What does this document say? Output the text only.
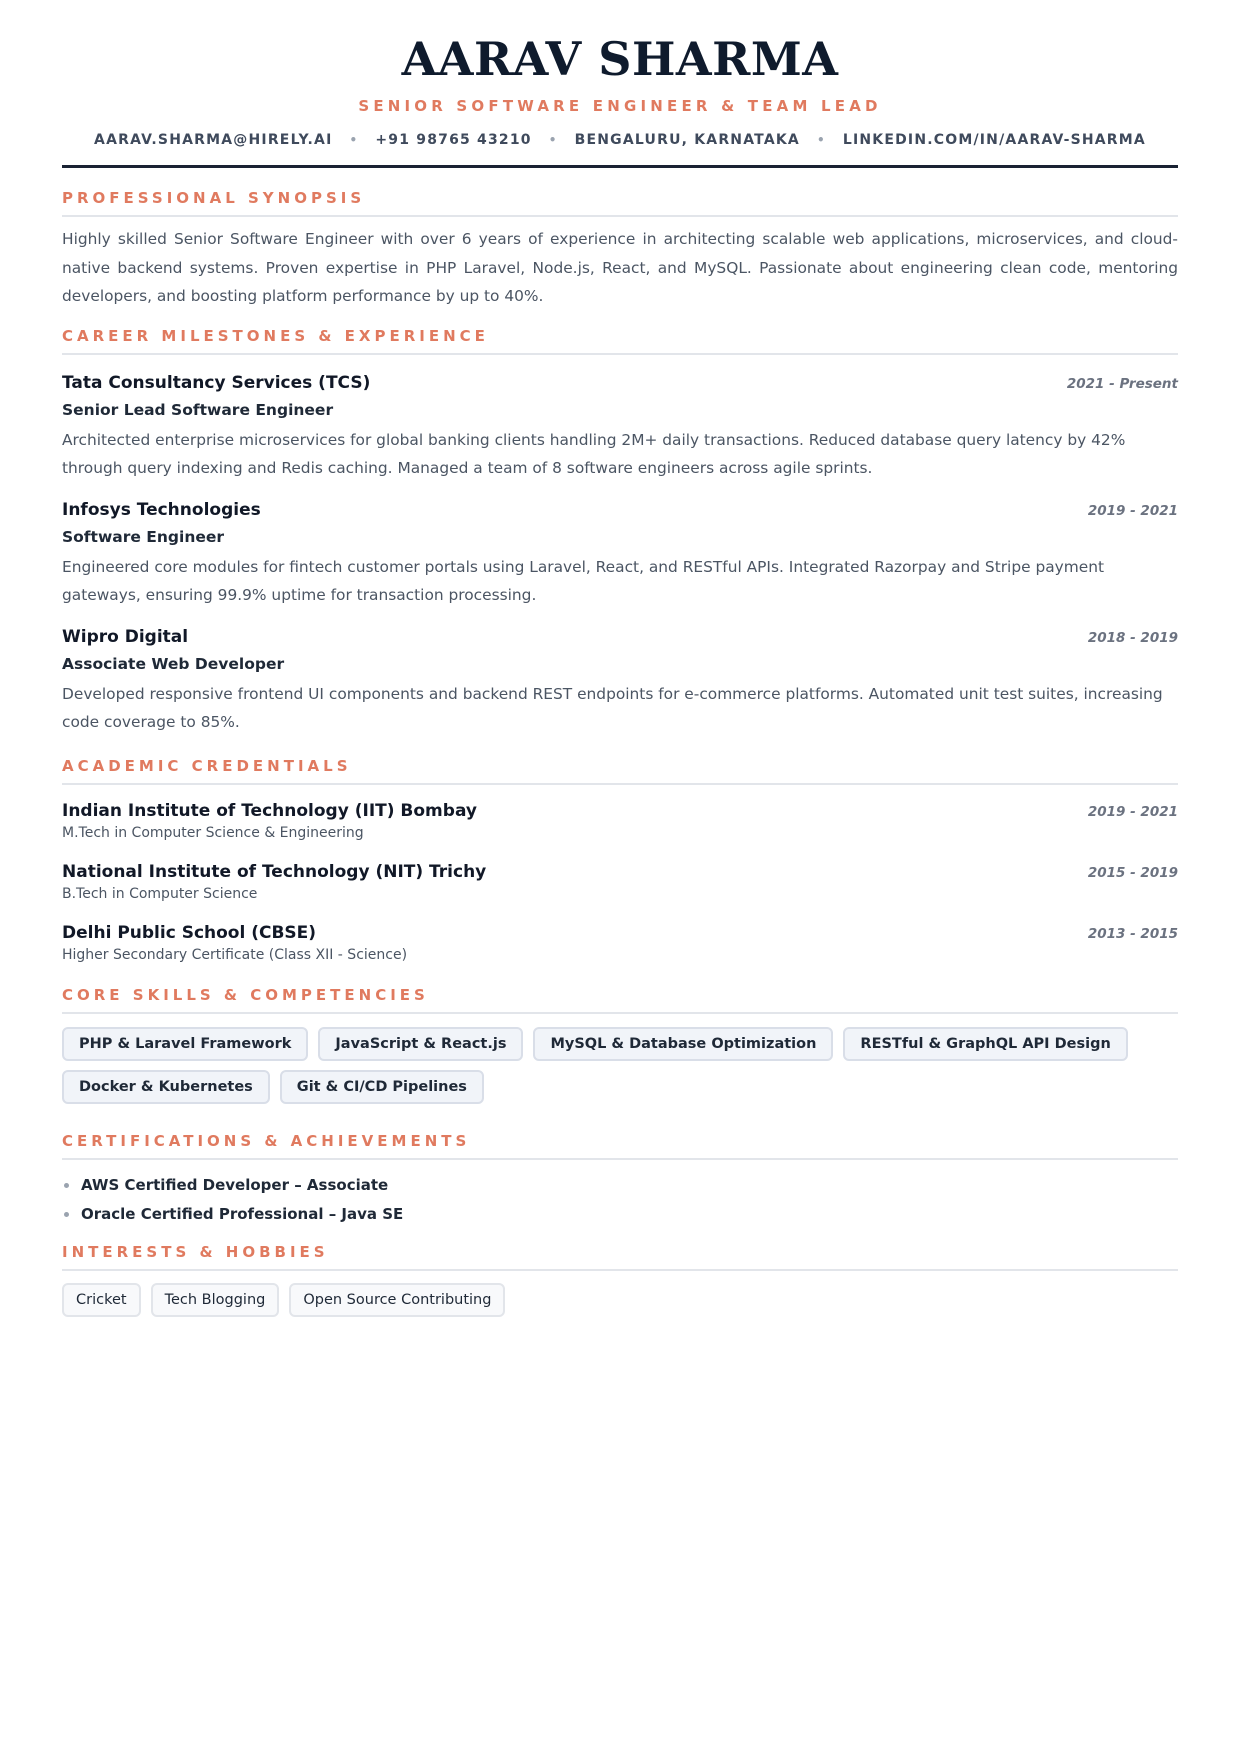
AARAV SHARMA
SENIOR SOFTWARE ENGINEER & TEAM LEAD
AARAV.SHARMA@HIRELY.AI • +91 98765 43210 • BENGALURU, KARNATAKA • LINKEDIN.COM/IN/AARAV-SHARMA
PROFESSIONAL SYNOPSIS

Highly skilled Senior Software Engineer with over 6 years of experience in architecting scalable web applications, microservices, and cloud-native backend systems. Proven expertise in PHP Laravel, Node.js, React, and MySQL. Passionate about engineering clean code, mentoring developers, and boosting platform performance by up to 40%.

CAREER MILESTONES & EXPERIENCE
Tata Consultancy Services (TCS)	2021 - Present
Senior Lead Software Engineer

Architected enterprise microservices for global banking clients handling 2M+ daily transactions. Reduced database query latency by 42% through query indexing and Redis caching. Managed a team of 8 software engineers across agile sprints.

Infosys Technologies	2019 - 2021
Software Engineer

Engineered core modules for fintech customer portals using Laravel, React, and RESTful APIs. Integrated Razorpay and Stripe payment gateways, ensuring 99.9% uptime for transaction processing.

Wipro Digital	2018 - 2019
Associate Web Developer

Developed responsive frontend UI components and backend REST endpoints for e-commerce platforms. Automated unit test suites, increasing code coverage to 85%.

ACADEMIC CREDENTIALS
Indian Institute of Technology (IIT) Bombay	2019 - 2021
M.Tech in Computer Science & Engineering
National Institute of Technology (NIT) Trichy	2015 - 2019
B.Tech in Computer Science
Delhi Public School (CBSE)	2013 - 2015
Higher Secondary Certificate (Class XII - Science)
CORE SKILLS & COMPETENCIES
PHP & Laravel Framework	JavaScript & React.js	MySQL & Database Optimization	RESTful & GraphQL API Design
Docker & Kubernetes	Git & CI/CD Pipelines
CERTIFICATIONS & ACHIEVEMENTS
AWS Certified Developer – Associate
Oracle Certified Professional – Java SE
INTERESTS & HOBBIES
Cricket	Tech Blogging	Open Source Contributing
